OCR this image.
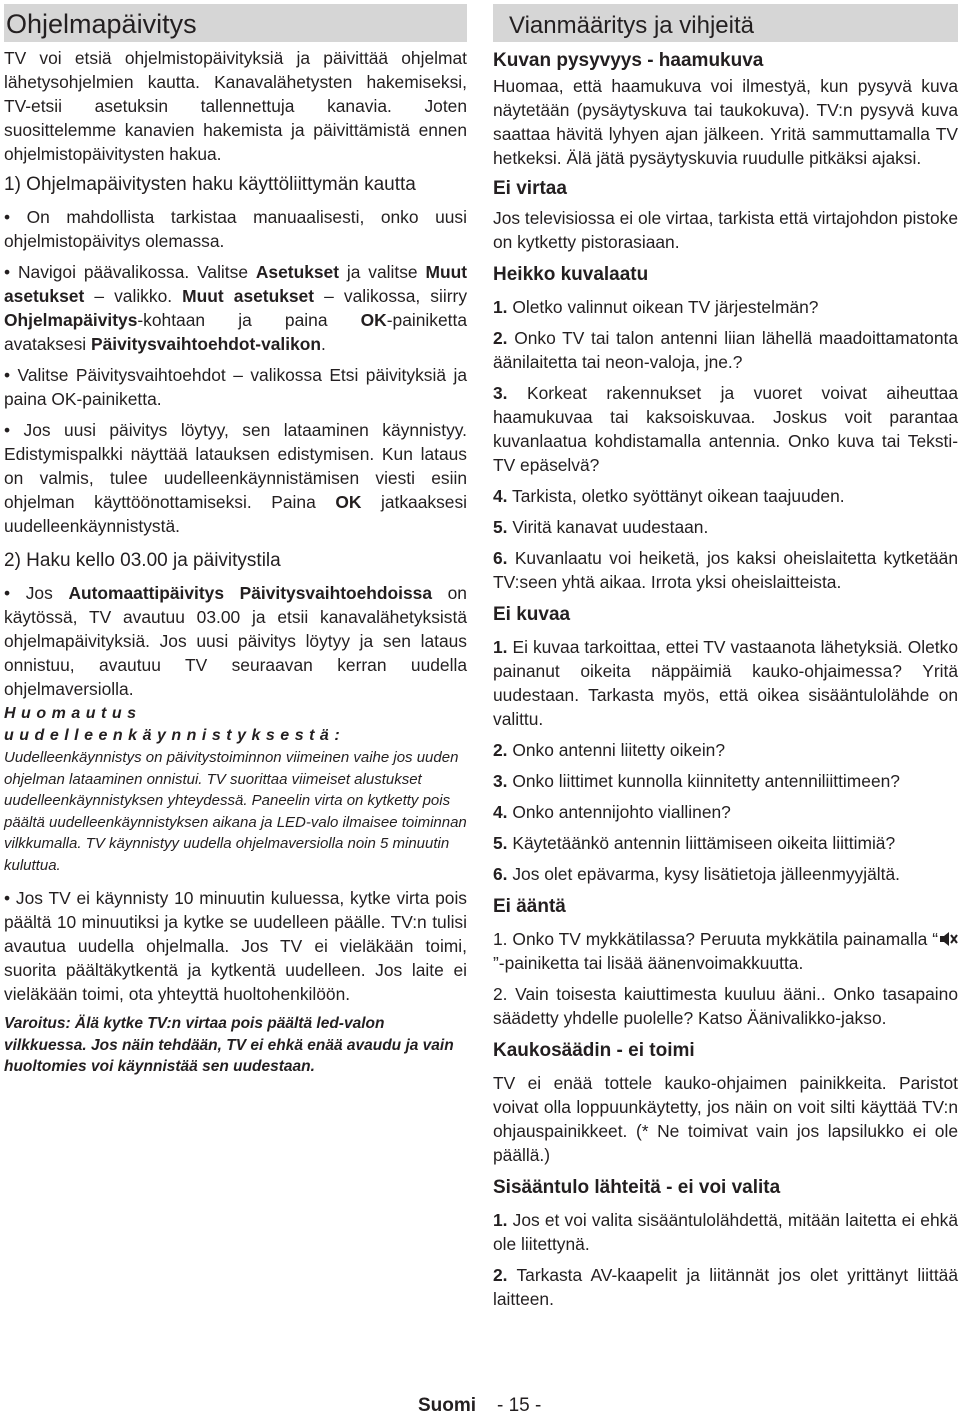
Ohjelmapäivitys

TV voi etsiä ohjelmistopäivityksiä ja päivittää ohjelmat lähetysohjelmien kautta. Kanavalähetysten hakemiseksi, TV-etsii asetuksin tallennettuja kanavia. Joten suosittelemme kanavien hakemista ja päivittämistä ennen ohjelmistopäivitysten hakua.

1) Ohjelmapäivitysten haku käyttöliittymän kautta

• On mahdollista tarkistaa manuaalisesti, onko uusi ohjelmistopäivitys olemassa.

• Navigoi päävalikossa. Valitse Asetukset ja valitse Muut asetukset – valikko. Muut asetukset – valikossa, siirry Ohjelmapäivitys-kohtaan ja paina OK-painiketta avataksesi Päivitysvaihtoehdot-valikon.

• Valitse Päivitysvaihtoehdot – valikossa Etsi päivityksiä ja paina OK-painiketta.

• Jos uusi päivitys löytyy, sen lataaminen käynnistyy. Edistymispalkki näyttää latauksen edistymisen. Kun lataus on valmis, tulee uudelleenkäynnistämisen viesti esiin ohjelman käyttöönottamiseksi. Paina OK jatkaaksesi uudelleenkäynnistystä.

2) Haku kello 03.00 ja päivitystila

• Jos Automaattipäivitys Päivitysvaihtoehdoissa on käytössä, TV avautuu 03.00 ja etsii kanavalähetyksistä ohjelmapäivityksiä. Jos uusi päivitys löytyy ja sen lataus onnistuu, avautuu TV seuraavan kerran uudella ohjelmaversiolla.

Huomautus uudelleenkäynnistyksestä:

Uudelleenkäynnistys on päivitystoiminnon viimeinen vaihe jos uuden ohjelman lataaminen onnistui. TV suorittaa viimeiset alustukset uudelleenkäynnistyksen yhteydessä. Paneelin virta on kytketty pois päältä uudelleenkäynnistyksen aikana ja LED-valo ilmaisee toiminnan vilkkumalla. TV käynnistyy uudella ohjelmaversiolla noin 5 minuutin kuluttua.

• Jos TV ei käynnisty 10 minuutin kuluessa, kytke virta pois päältä 10 minuutiksi ja kytke se uudelleen päälle. TV:n tulisi avautua uudella ohjelmalla. Jos TV ei vieläkään toimi, suorita päältäkytkentä ja kytkentä uudelleen. Jos laite ei vieläkään toimi, ota yhteyttä huoltohenkilöön.

Varoitus: Älä kytke TV:n virtaa pois päältä led-valon vilkkuessa. Jos näin tehdään, TV ei ehkä enää avaudu ja vain huoltomies voi käynnistää sen uudestaan.
Vianmääritys ja vihjeitä

Kuvan pysyvyys - haamukuva

Huomaa, että haamukuva voi ilmestyä, kun pysyvä kuva näytetään (pysäytyskuva tai taukokuva). TV:n pysyvä kuva saattaa hävitä lyhyen ajan jälkeen. Yritä sammuttamalla TV hetkeksi. Älä jätä pysäytyskuvia ruudulle pitkäksi ajaksi.

Ei virtaa

Jos televisiossa ei ole virtaa, tarkista että virtajohdon pistoke on kytketty pistorasiaan.

Heikko kuvalaatu

1. Oletko valinnut oikean TV järjestelmän?

2. Onko TV tai talon antenni liian lähellä maadoittamatonta äänilaitetta tai neon-valoja, jne.?

3. Korkeat rakennukset ja vuoret voivat aiheuttaa haamukuvaa tai kaksoiskuvaa. Joskus voit parantaa kuvanlaatua kohdistamalla antennia. Onko kuva tai Teksti-TV epäselvä?

4. Tarkista, oletko syöttänyt oikean taajuuden.

5. Viritä kanavat uudestaan.

6. Kuvanlaatu voi heiketä, jos kaksi oheislaitetta kytketään TV:seen yhtä aikaa. Irrota yksi oheislaitteista.

Ei kuvaa

1. Ei kuvaa tarkoittaa, ettei TV vastaanota lähetyksiä. Oletko painanut oikeita näppäimiä kauko-ohjaimessa? Yritä uudestaan. Tarkasta myös, että oikea sisääntulolähde on valittu.

2. Onko antenni liitetty oikein?

3. Onko liittimet kunnolla kiinnitetty antenniliittimeen?

4. Onko antennijohto viallinen?

5. Käytetäänkö antennin liittämiseen oikeita liittimiä?

6. Jos olet epävarma, kysy lisätietoja jälleenmyyjältä.

Ei ääntä

1. Onko TV mykkätilassa? Peruuta mykkätila painamalla “
”-painiketta tai lisää äänenvoimakkuutta.

2. Vain toisesta kaiuttimesta kuuluu ääni.. Onko tasapaino säädetty yhdelle puolelle? Katso Äänivalikko-jakso.

Kaukosäädin - ei toimi

TV ei enää tottele kauko-ohjaimen painikkeita. Paristot voivat olla loppuunkäytetty, jos näin on voit silti käyttää TV:n ohjauspainikkeet. (* Ne toimivat vain jos lapsilukko ei ole päällä.)

Sisääntulo lähteitä - ei voi valita

1. Jos et voi valita sisääntulolähdettä, mitään laitetta ei ehkä ole liitettynä.

2. Tarkasta AV-kaapelit ja liitännät jos olet yrittänyt liittää laitteen.

Suomi - 15 -
